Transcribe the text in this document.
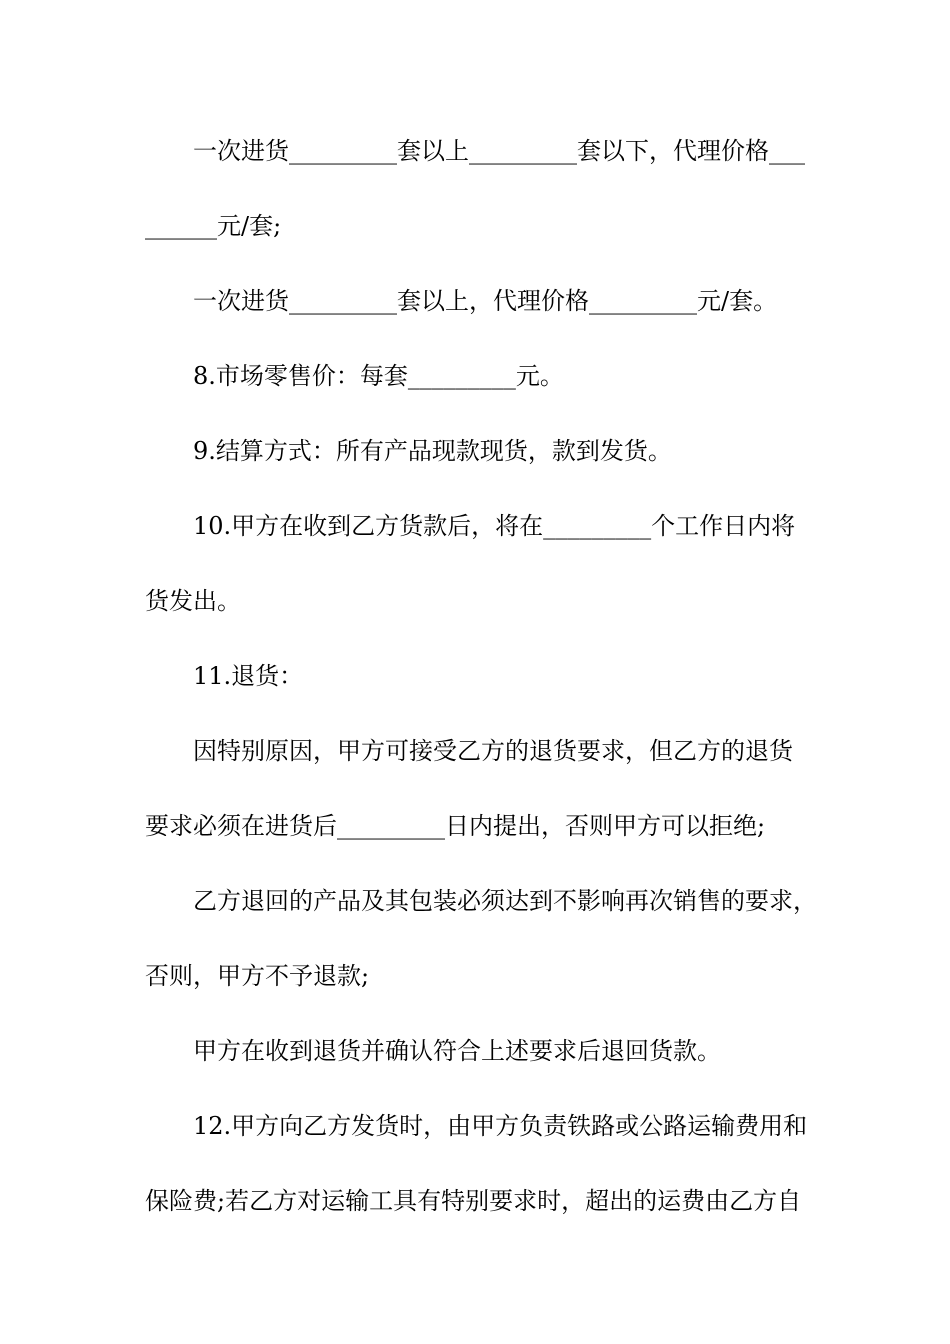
一次进货_________套以上_________套以下，代理价格___
______元/套;
一次进货_________套以上，代理价格_________元/套。
8.市场零售价：每套_________元。
9.结算方式：所有产品现款现货，款到发货。
10.甲方在收到乙方货款后，将在_________个工作日内将
货发出。
11.退货：
因特别原因，甲方可接受乙方的退货要求，但乙方的退货
要求必须在进货后_________日内提出，否则甲方可以拒绝;
乙方退回的产品及其包装必须达到不影响再次销售的要求，
否则，甲方不予退款;
甲方在收到退货并确认符合上述要求后退回货款。
12.甲方向乙方发货时，由甲方负责铁路或公路运输费用和
保险费;若乙方对运输工具有特别要求时，超出的运费由乙方自
